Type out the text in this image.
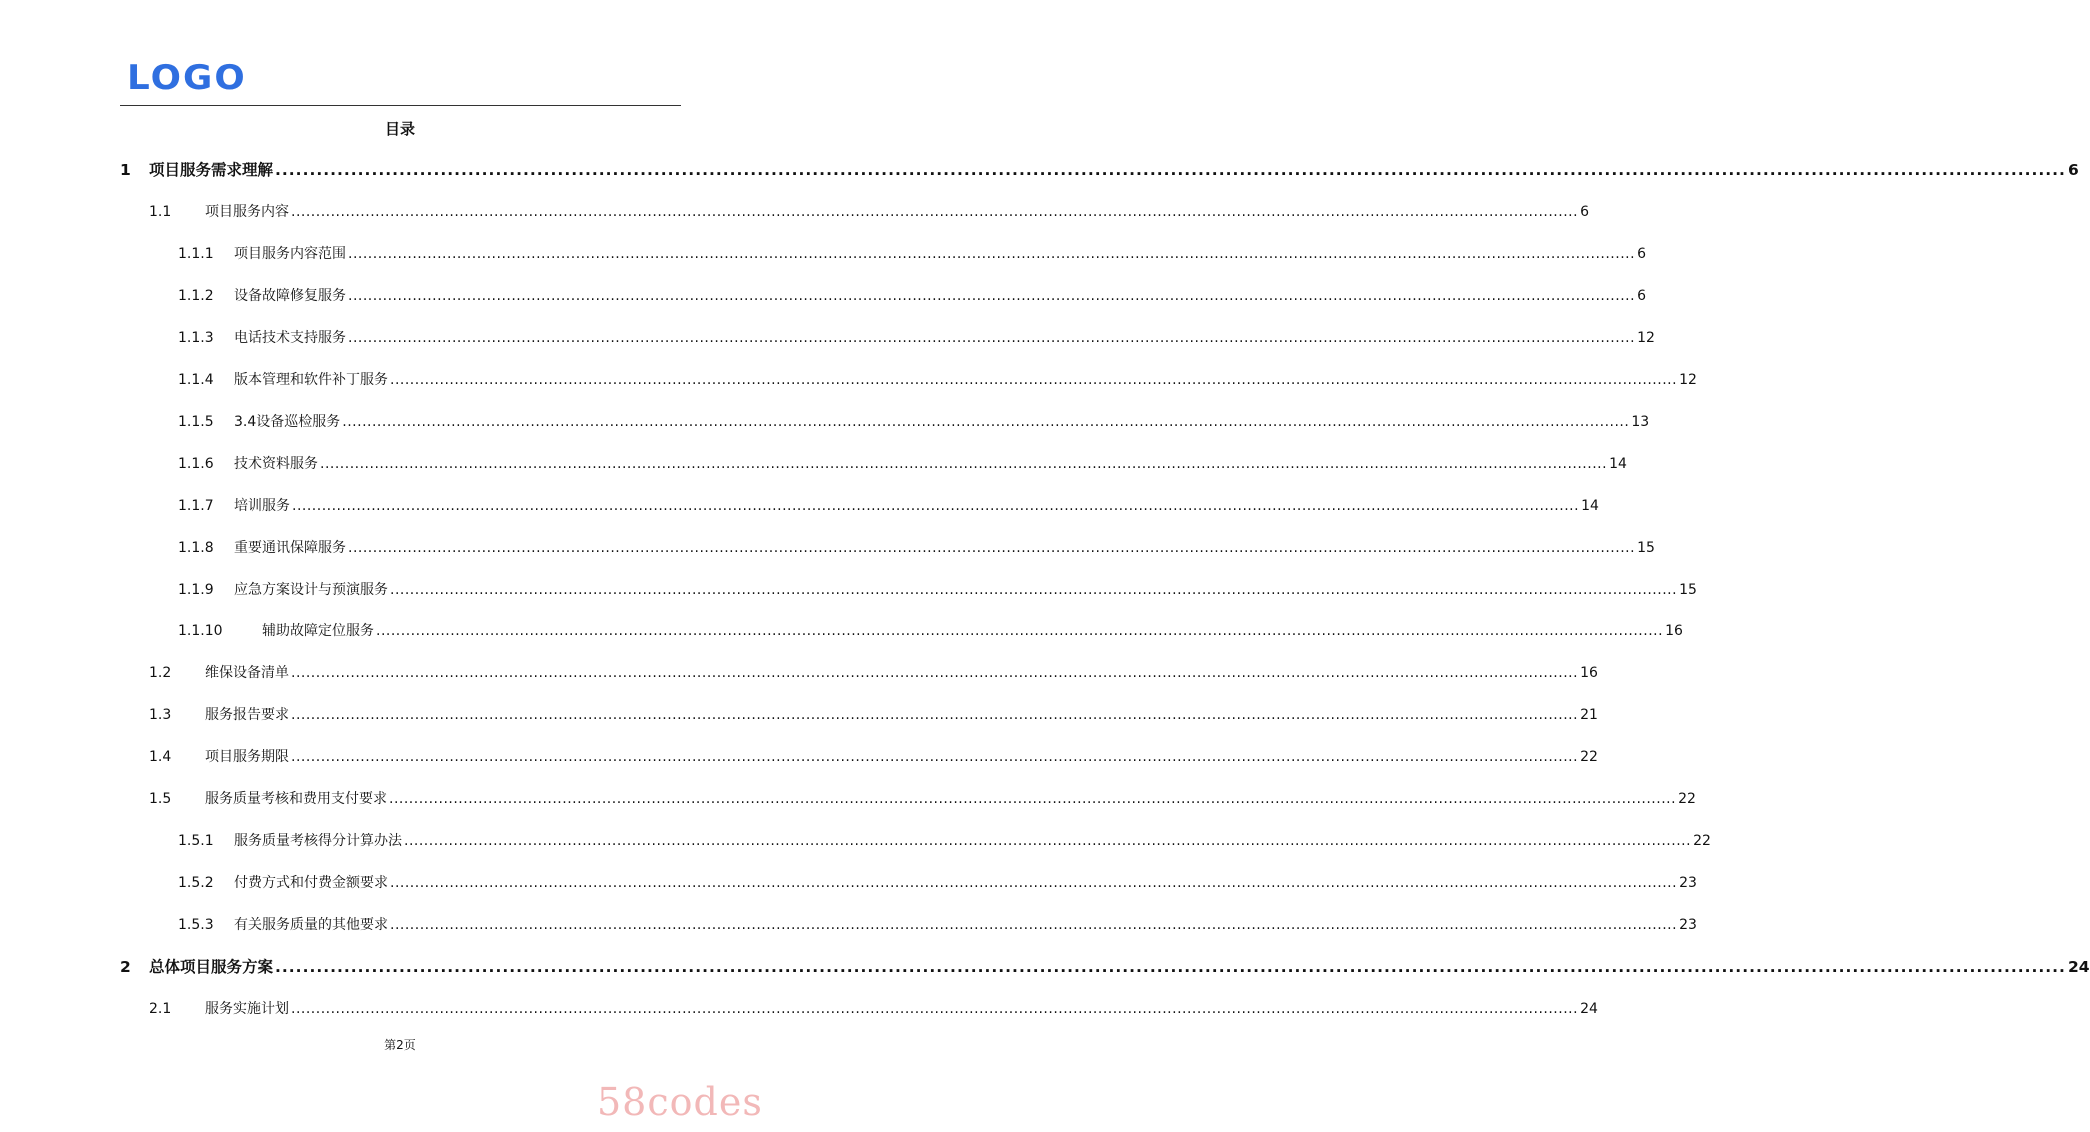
LOGO
目录
1	项目服务需求理解 .................................................................................................................................................................................................................................................................... 6
1.1	项目服务内容 .................................................................................................................................................................................................................................................................... 6
1.1.1	项目服务内容范围 .................................................................................................................................................................................................................................................................... 6
1.1.2	设备故障修复服务 .................................................................................................................................................................................................................................................................... 6
1.1.3	电话技术支持服务 .................................................................................................................................................................................................................................................................... 12
1.1.4	版本管理和软件补丁服务 .................................................................................................................................................................................................................................................................... 12
1.1.5	3.4设备巡检服务 .................................................................................................................................................................................................................................................................... 13
1.1.6	技术资料服务 .................................................................................................................................................................................................................................................................... 14
1.1.7	培训服务 .................................................................................................................................................................................................................................................................... 14
1.1.8	重要通讯保障服务 .................................................................................................................................................................................................................................................................... 15
1.1.9	应急方案设计与预演服务 .................................................................................................................................................................................................................................................................... 15
1.1.10	辅助故障定位服务 .................................................................................................................................................................................................................................................................... 16
1.2	维保设备清单 .................................................................................................................................................................................................................................................................... 16
1.3	服务报告要求 .................................................................................................................................................................................................................................................................... 21
1.4	项目服务期限 .................................................................................................................................................................................................................................................................... 22
1.5	服务质量考核和费用支付要求 .................................................................................................................................................................................................................................................................... 22
1.5.1	服务质量考核得分计算办法 .................................................................................................................................................................................................................................................................... 22
1.5.2	付费方式和付费金额要求 .................................................................................................................................................................................................................................................................... 23
1.5.3	有关服务质量的其他要求 .................................................................................................................................................................................................................................................................... 23
2	总体项目服务方案 .................................................................................................................................................................................................................................................................... 24
2.1	服务实施计划 .................................................................................................................................................................................................................................................................... 24
第2页
58codes
